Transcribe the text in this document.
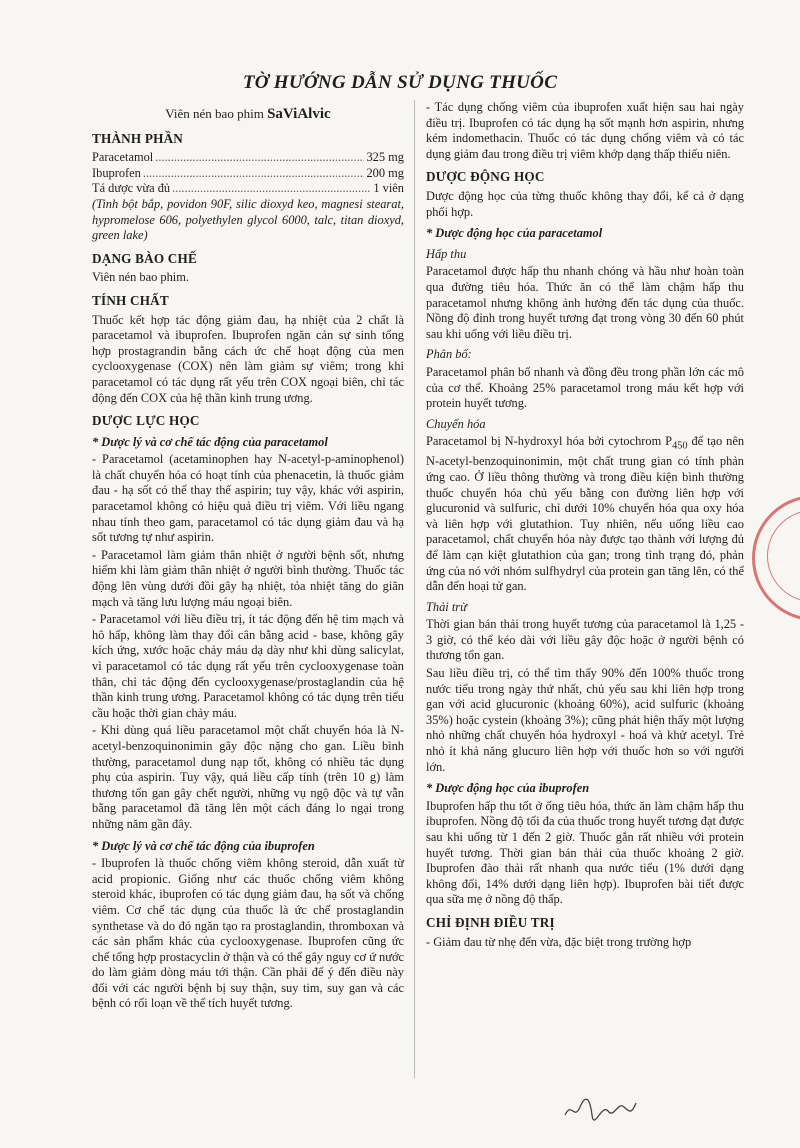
TỜ HƯỚNG DẪN SỬ DỤNG THUỐC
Viên nén bao phim SaViAlvic
THÀNH PHẦN
Paracetamol .....	325 mg
Ibuprofen .....	200 mg
Tá dược vừa đủ .....	1 viên

(Tinh bột bắp, povidon 90F, silic dioxyd keo, magnesi stearat, hypromelose 606, polyethylen glycol 6000, talc, titan dioxyd, green lake)

DẠNG BÀO CHẾ

Viên nén bao phim.

TÍNH CHẤT

Thuốc kết hợp tác động giảm đau, hạ nhiệt của 2 chất là paracetamol và ibuprofen. Ibuprofen ngăn cản sự sinh tổng hợp prostagrandin bằng cách ức chế hoạt động của men cyclooxygenase (COX) nên làm giảm sự viêm; trong khi paracetamol có tác dụng rất yếu trên COX ngoại biên, chỉ tác động đến COX của hệ thần kinh trung ương.

DƯỢC LỰC HỌC
* Dược lý và cơ chế tác động của paracetamol

- Paracetamol (acetaminophen hay N-acetyl-p-aminophenol) là chất chuyển hóa có hoạt tính của phenacetin, là thuốc giảm đau - hạ sốt có thể thay thế aspirin; tuy vậy, khác với aspirin, paracetamol không có hiệu quả điều trị viêm. Với liều ngang nhau tính theo gam, paracetamol có tác dụng giảm đau và hạ sốt tương tự như aspirin.

- Paracetamol làm giảm thân nhiệt ở người bệnh sốt, nhưng hiếm khi làm giảm thân nhiệt ở người bình thường. Thuốc tác động lên vùng dưới đồi gây hạ nhiệt, tỏa nhiệt tăng do giãn mạch và tăng lưu lượng máu ngoại biên.

- Paracetamol với liều điều trị, ít tác động đến hệ tim mạch và hô hấp, không làm thay đổi cân bằng acid - base, không gây kích ứng, xước hoặc chảy máu dạ dày như khi dùng salicylat, vì paracetamol có tác dụng rất yếu trên cyclooxygenase toàn thân, chỉ tác động đến cyclooxygenase/prostaglandin của hệ thần kinh trung ương. Paracetamol không có tác dụng trên tiểu cầu hoặc thời gian chảy máu.

- Khi dùng quá liều paracetamol một chất chuyển hóa là N-acetyl-benzoquinonimin gây độc nặng cho gan. Liều bình thường, paracetamol dung nạp tốt, không có nhiều tác dụng phụ của aspirin. Tuy vậy, quá liều cấp tính (trên 10 g) làm thương tổn gan gây chết người, những vụ ngộ độc và tự vẫn bằng paracetamol đã tăng lên một cách đáng lo ngại trong những năm gần đây.

* Dược lý và cơ chế tác động của ibuprofen

- Ibuprofen là thuốc chống viêm không steroid, dẫn xuất từ acid propionic. Giống như các thuốc chống viêm không steroid khác, ibuprofen có tác dụng giảm đau, hạ sốt và chống viêm. Cơ chế tác dụng của thuốc là ức chế prostaglandin synthetase và do đó ngăn tạo ra prostaglandin, thromboxan và các sản phẩm khác của cyclooxygenase. Ibuprofen cũng ức chế tổng hợp prostacyclin ở thận và có thể gây nguy cơ ứ nước do làm giảm dòng máu tới thận. Cần phải để ý đến điều này đối với các người bệnh bị suy thận, suy tim, suy gan và các bệnh có rối loạn về thể tích huyết tương.

- Tác dụng chống viêm của ibuprofen xuất hiện sau hai ngày điều trị. Ibuprofen có tác dụng hạ sốt mạnh hơn aspirin, nhưng kém indomethacin. Thuốc có tác dụng chống viêm và có tác dụng giảm đau trong điều trị viêm khớp dạng thấp thiếu niên.

DƯỢC ĐỘNG HỌC

Dược động học của từng thuốc không thay đổi, kể cả ở dạng phối hợp.

* Dược động học của paracetamol
Hấp thu

Paracetamol được hấp thu nhanh chóng và hầu như hoàn toàn qua đường tiêu hóa. Thức ăn có thể làm chậm hấp thu paracetamol nhưng không ảnh hưởng đến tác dụng của thuốc. Nồng độ đỉnh trong huyết tương đạt trong vòng 30 đến 60 phút sau khi uống với liều điều trị.

Phân bố:

Paracetamol phân bố nhanh và đồng đều trong phần lớn các mô của cơ thể. Khoảng 25% paracetamol trong máu kết hợp với protein huyết tương.

Chuyển hóa

Paracetamol bị N-hydroxyl hóa bởi cytochrom $P_{450}$ để tạo nên N-acetyl-benzoquinonimin, một chất trung gian có tính phản ứng cao. Ở liều thông thường và trong điều kiện bình thường thuốc chuyển hóa chủ yếu bằng con đường liên hợp với glucuronid và sulfuric, chỉ dưới 10% chuyển hóa qua oxy hóa và liên hợp với glutathion. Tuy nhiên, nếu uống liều cao paracetamol, chất chuyển hóa này được tạo thành với lượng đủ để làm cạn kiệt glutathion của gan; trong tình trạng đó, phản ứng của nó với nhóm sulfhydryl của protein gan tăng lên, có thể dẫn đến hoại tử gan.

Thải trừ

Thời gian bán thải trong huyết tương của paracetamol là 1,25 - 3 giờ, có thể kéo dài với liều gây độc hoặc ở người bệnh có thương tổn gan.

Sau liều điều trị, có thể tìm thấy 90% đến 100% thuốc trong nước tiểu trong ngày thứ nhất, chủ yếu sau khi liên hợp trong gan với acid glucuronic (khoảng 60%), acid sulfuric (khoảng 35%) hoặc cystein (khoảng 3%); cũng phát hiện thấy một lượng nhỏ những chất chuyển hóa hydroxyl - hoá và khử acetyl. Trẻ nhỏ ít khả năng glucuro liên hợp với thuốc hơn so với người lớn.

* Dược động học của ibuprofen

Ibuprofen hấp thu tốt ở ống tiêu hóa, thức ăn làm chậm hấp thu ibuprofen. Nồng độ tối đa của thuốc trong huyết tương đạt được sau khi uống từ 1 đến 2 giờ. Thuốc gắn rất nhiều với protein huyết tương. Thời gian bán thải của thuốc khoảng 2 giờ. Ibuprofen đào thải rất nhanh qua nước tiểu (1% dưới dạng không đổi, 14% dưới dạng liên hợp). Ibuprofen bài tiết được qua sữa mẹ ở nồng độ thấp.

CHỈ ĐỊNH ĐIỀU TRỊ

- Giảm đau từ nhẹ đến vừa, đặc biệt trong trường hợp
